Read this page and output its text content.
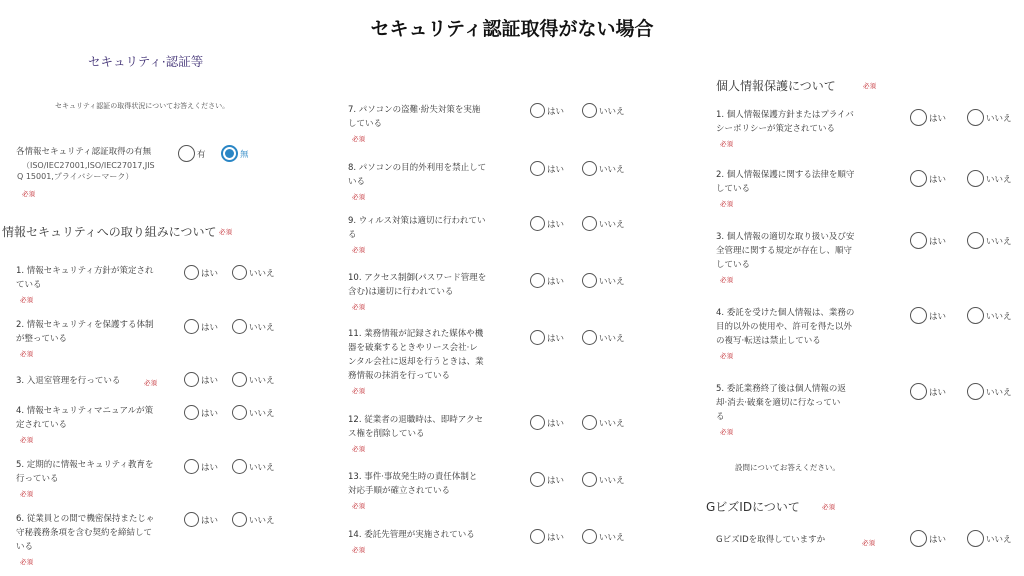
セキュリティ認証取得がない場合
セキュリティ·認証等
セキュリティ認証の取得状況についてお答えください。
各情報セキュリティ認証取得の有無
（ISO/IEC27001,ISO/IEC27017,JIS
Q 15001,プライバシーマーク）
必須
有	無
情報セキュリティへの取り組みについて 必須
個人情報保護について	必須
設問についてお答えください。
GビズIDについて	必須
GビズIDを取得していますか	必須	はい	いいえ
1. 情報セキュリティ方針が策定され
ている
必須
はい	いいえ
2. 情報セキュリティを保護する体制
が整っている
必須
はい	いいえ
3. 入退室管理を行っている	必須	はい	いいえ
4. 情報セキュリティマニュアルが策
定されている
必須
はい	いいえ
5. 定期的に情報セキュリティ教育を
行っている
必須
はい	いいえ
6. 従業員との間で機密保持またじゃ
守秘義務条項を含む契約を締結して
いる
必須
はい	いいえ
7. パソコンの盗難·紛失対策を実施
している
必須
はい	いいえ
8. パソコンの目的外利用を禁止して
いる
必須
はい	いいえ
9. ウィルス対策は適切に行われてい
る
必須
はい	いいえ
10. アクセス制御(パスワード管理を
含む)は適切に行われている
必須
はい	いいえ
11. 業務情報が記録された媒体や機
器を破棄するときやリース会社·レ
ンタル会社に返却を行うときは、業
務情報の抹消を行っている
必須
はい	いいえ
12. 従業者の退職時は、即時アクセ
ス権を削除している
必須
はい	いいえ
13. 事件·事故発生時の責任体制と
対応手順が確立されている
必須
はい	いいえ
14. 委託先管理が実施されている
必須
はい	いいえ
1. 個人情報保護方針またはプライバ
シーポリシーが策定されている
必須
はい	いいえ
2. 個人情報保護に関する法律を順守
している
必須
はい	いいえ
3. 個人情報の適切な取り扱い及び安
全管理に関する規定が存在し、順守
している
必須
はい	いいえ
4. 委託を受けた個人情報は、業務の
目的以外の使用や、許可を得た以外
の複写·転送は禁止している
必須
はい	いいえ
5. 委託業務終了後は個人情報の返
却·消去·破棄を適切に行なってい
る
必須
はい	いいえ
